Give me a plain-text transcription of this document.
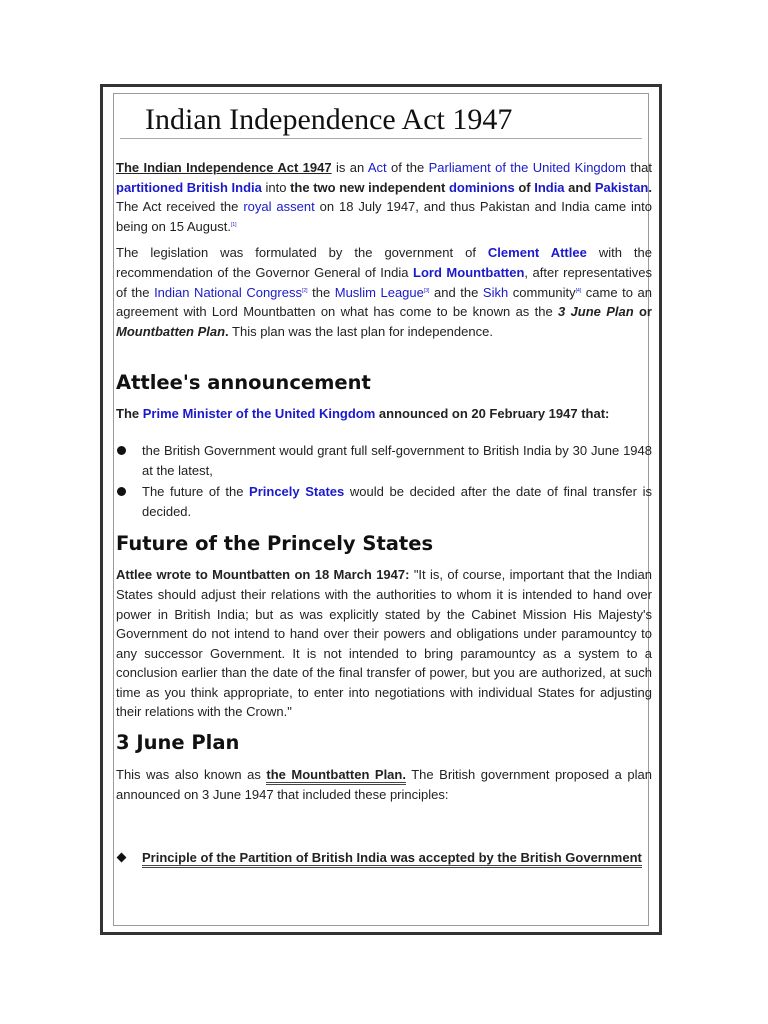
Indian Independence Act 1947

The Indian Independence Act 1947 is an Act of the Parliament of the United Kingdom that partitioned British India into the two new independent dominions of India and Pakistan. The Act received the royal assent on 18 July 1947, and thus Pakistan and India came into being on 15 August.[1]

The legislation was formulated by the government of Clement Attlee with the recommendation of the Governor General of India Lord Mountbatten, after representatives of the Indian National Congress[2] the Muslim League[3] and the Sikh community[4] came to an agreement with Lord Mountbatten on what has come to be known as the 3 June Plan or Mountbatten Plan. This plan was the last plan for independence.

Attlee's announcement

The Prime Minister of the United Kingdom announced on 20 February 1947 that:

the British Government would grant full self-government to British India by 30 June 1948 at the latest,
The future of the Princely States would be decided after the date of final transfer is decided.
Future of the Princely States

Attlee wrote to Mountbatten on 18 March 1947: "It is, of course, important that the Indian States should adjust their relations with the authorities to whom it is intended to hand over power in British India; but as was explicitly stated by the Cabinet Mission His Majesty's Government do not intend to hand over their powers and obligations under paramountcy to any successor Government. It is not intended to bring paramountcy as a system to a conclusion earlier than the date of the final transfer of power, but you are authorized, at such time as you think appropriate, to enter into negotiations with individual States for adjusting their relations with the Crown."

3 June Plan

This was also known as the Mountbatten Plan. The British government proposed a plan announced on 3 June 1947 that included these principles:

Principle of the Partition of British India was accepted by the British Government
